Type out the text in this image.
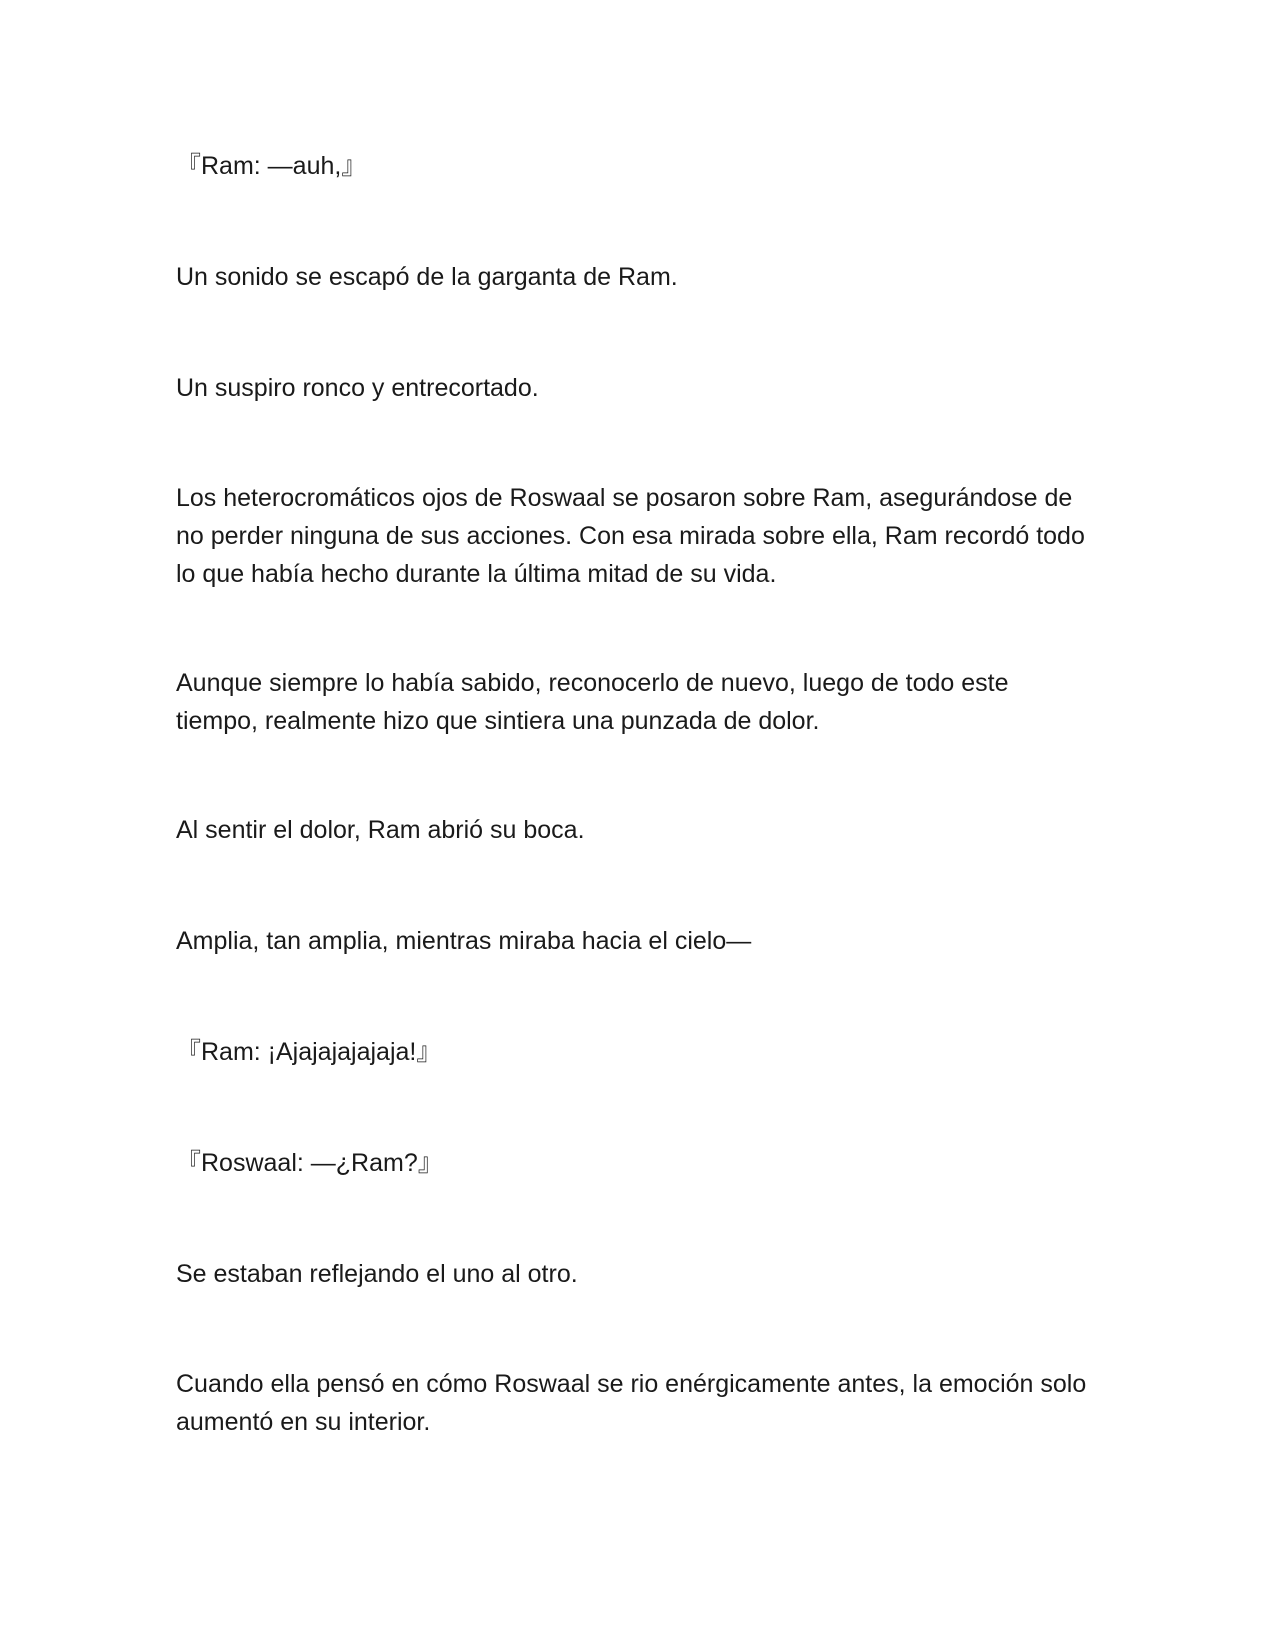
『Ram: —auh,』

Un sonido se escapó de la garganta de Ram.

Un suspiro ronco y entrecortado.

Los heterocromáticos ojos de Roswaal se posaron sobre Ram, asegurándose de no perder ninguna de sus acciones. Con esa mirada sobre ella, Ram recordó todo lo que había hecho durante la última mitad de su vida.

Aunque siempre lo había sabido, reconocerlo de nuevo, luego de todo este tiempo, realmente hizo que sintiera una punzada de dolor.

Al sentir el dolor, Ram abrió su boca.

Amplia, tan amplia, mientras miraba hacia el cielo—

『Ram: ¡Ajajajajajaja!』

『Roswaal: —¿Ram?』

Se estaban reflejando el uno al otro.

Cuando ella pensó en cómo Roswaal se rio enérgicamente antes, la emoción solo aumentó en su interior.
